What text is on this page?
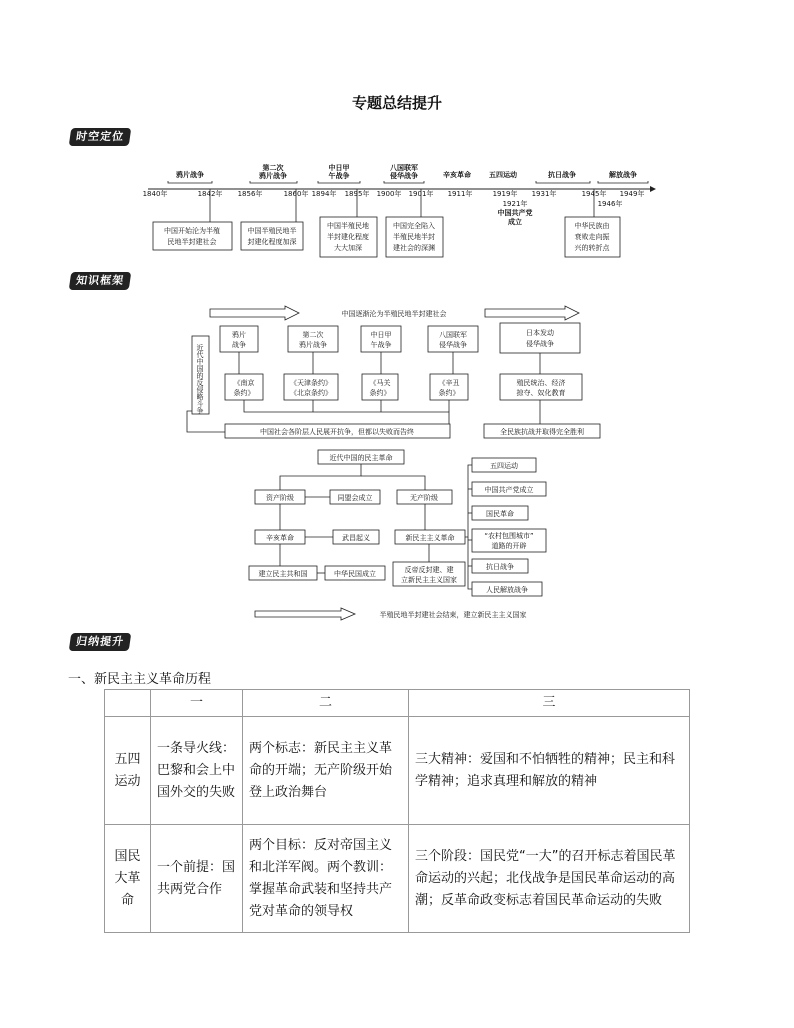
专题总结提升
时空定位
知识框架
归纳提升
鸦片战争
第二次
鸦片战争
中日甲
午战争
八国联军
侵华战争	辛亥革命	五四运动	抗日战争	解放战争
1840年	1842年 1856年	1860年 1894年 1895年 1900年 1901年 1911年	1919年 1931年	1945年 1949年
1921年
中国共产党
成立
1946年
中国开始沦为半殖
民地半封建社会
中国半殖民地半
封建化程度加深
中国半殖民地
半封建化程度
大大加深
中国完全陷入
半殖民地半封
建社会的深渊
中华民族由
衰败走向振
兴的转折点
中国逐渐沦为半殖民地半封建社会
鸦片
战争
第二次
鸦片战争
中日甲
午战争
八国联军
侵华战争
日本发动
侵华战争
《南京
条约》
《天津条约》
《北京条约》
《马关
条约》
《辛丑
条约》
殖民统治、经济
掠夺、奴化教育
中国社会各阶层人民展开抗争，但都以失败而告终	全民族抗战并取得完全胜利
近代中国的反侵略斗争
近代中国的民主革命
资产阶级	同盟会成立	无产阶级
辛亥革命	武昌起义	新民主主义革命
建立民主共和国	中华民国成立	反帝反封建、建
立新民主主义国家
五四运动
中国共产党成立
国民革命
“农村包围城市”
道路的开辟
抗日战争
人民解放战争
半殖民地半封建社会结束，建立新民主主义国家
一、新民主主义革命历程
	一	二	三
五四运动	一条导火线：巴黎和会上中国外交的失败	两个标志：新民主主义革命的开端；无产阶级开始登上政治舞台	三大精神：爱国和不怕牺牲的精神；民主和科学精神；追求真理和解放的精神
国民大革命	一个前提：国共两党合作	两个目标：反对帝国主义和北洋军阀。两个教训：掌握革命武装和坚持共产党对革命的领导权	三个阶段：国民党“一大”的召开标志着国民革命运动的兴起；北伐战争是国民革命运动的高潮；反革命政变标志着国民革命运动的失败
